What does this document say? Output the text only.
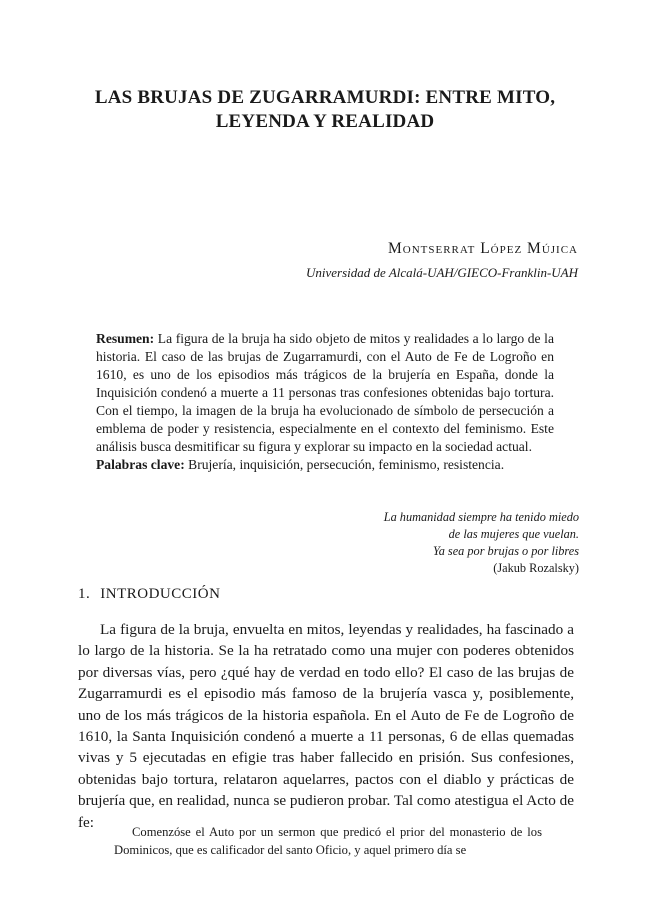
LAS BRUJAS DE ZUGARRAMURDI: ENTRE MITO,
LEYENDA Y REALIDAD
Montserrat López Mújica
Universidad de Alcalá-UAH/GIECO-Franklin-UAH

Resumen: La figura de la bruja ha sido objeto de mitos y realidades a lo largo de la historia. El caso de las brujas de Zugarramurdi, con el Auto de Fe de Logroño en 1610, es uno de los episodios más trágicos de la brujería en España, donde la Inquisición condenó a muerte a 11 personas tras confesiones obtenidas bajo tortura. Con el tiempo, la imagen de la bruja ha evolucionado de símbolo de persecución a emblema de poder y resistencia, especialmente en el contexto del feminismo. Este análisis busca desmitificar su figura y explorar su impacto en la sociedad actual.

Palabras clave: Brujería, inquisición, persecución, feminismo, resistencia.

La humanidad siempre ha tenido miedo
de las mujeres que vuelan.
Ya sea por brujas o por libres
(Jakub Rozalsky)
1. INTRODUCCIÓN

La figura de la bruja, envuelta en mitos, leyendas y realidades, ha fascinado a lo largo de la historia. Se la ha retratado como una mujer con poderes obtenidos por diversas vías, pero ¿qué hay de verdad en todo ello? El caso de las brujas de Zugarramurdi es el episodio más famoso de la brujería vasca y, posiblemente, uno de los más trágicos de la historia española. En el Auto de Fe de Logroño de 1610, la Santa Inquisición condenó a muerte a 11 personas, 6 de ellas quemadas vivas y 5 ejecutadas en efigie tras haber fallecido en prisión. Sus confesiones, obtenidas bajo tortura, relataron aquelarres, pactos con el diablo y prácticas de brujería que, en realidad, nunca se pudieron probar. Tal como atestigua el Acto de fe:

Comenzóse el Auto por un sermon que predicó el prior del monasterio de los Dominicos, que es calificador del santo Oficio, y aquel primero día se
